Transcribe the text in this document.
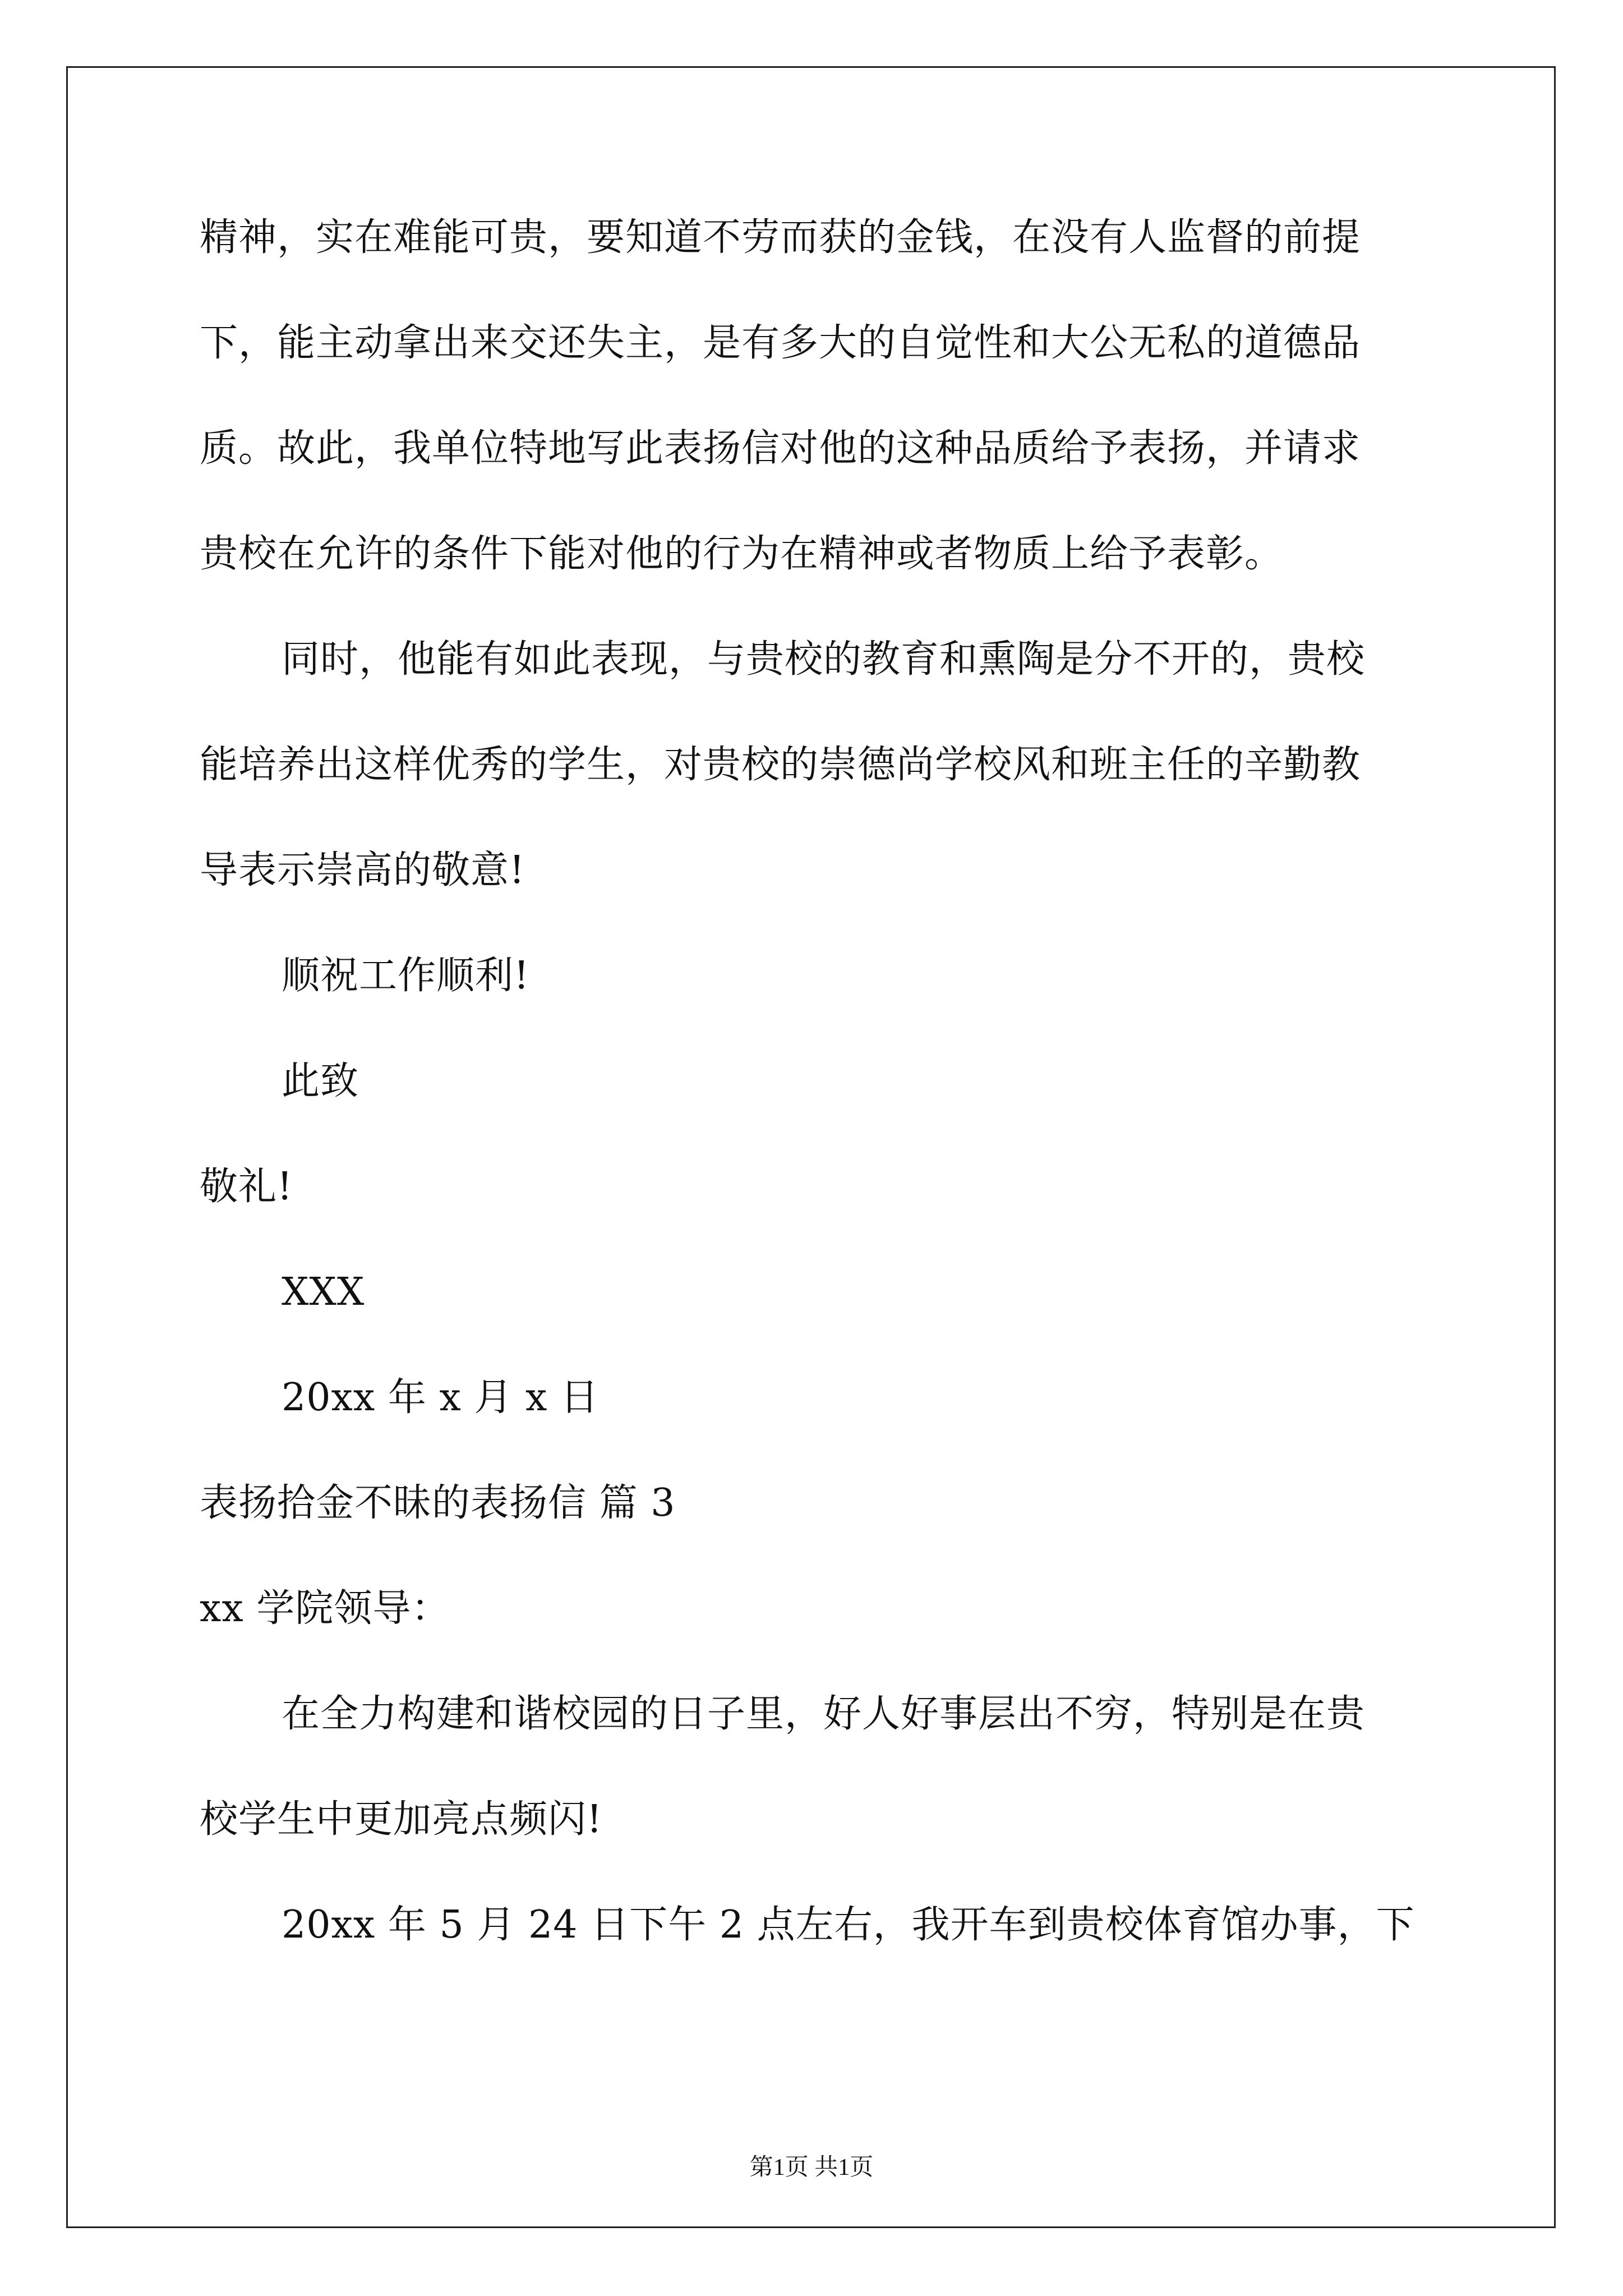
精神，实在难能可贵，要知道不劳而获的金钱，在没有人监督的前提
下，能主动拿出来交还失主，是有多大的自觉性和大公无私的道德品
质。故此，我单位特地写此表扬信对他的这种品质给予表扬，并请求
贵校在允许的条件下能对他的行为在精神或者物质上给予表彰。
同时，他能有如此表现，与贵校的教育和熏陶是分不开的，贵校
能培养出这样优秀的学生，对贵校的崇德尚学校风和班主任的辛勤教
导表示崇高的敬意!
顺祝工作顺利!
此致
敬礼!
XXX
20xx 年 x 月 x 日
表扬拾金不昧的表扬信 篇 3
xx 学院领导：
在全力构建和谐校园的日子里，好人好事层出不穷，特别是在贵
校学生中更加亮点频闪!
20xx 年 5 月 24 日下午 2 点左右，我开车到贵校体育馆办事，下
第1页 共1页
